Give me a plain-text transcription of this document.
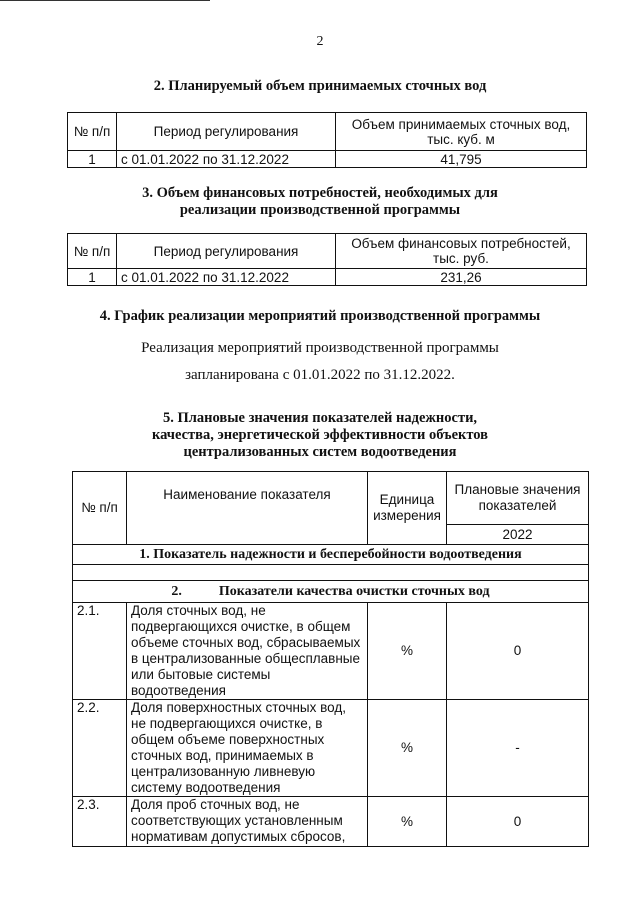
2
2. Планируемый объем принимаемых сточных вод
№ п/п	Период регулирования	Объем принимаемых сточных вод, тыс. куб. м
1	с 01.01.2022 по 31.12.2022	41,795
3. Объем финансовых потребностей, необходимых для
реализации производственной программы
№ п/п	Период регулирования	Объем финансовых потребностей, тыс. руб.
1	с 01.01.2022 по 31.12.2022	231,26
4. График реализации мероприятий производственной программы
Реализация мероприятий производственной программы
запланирована с 01.01.2022 по 31.12.2022.
5. Плановые значения показателей надежности,
качества, энергетической эффективности объектов
централизованных систем водоотведения
№ п/п	Наименование показателя	Единица измерения	Плановые значения показателей
			2022
1. Показатель надежности и бесперебойности водоотведения			

2. Показатели качества очистки сточных вод			
2.1.	Доля сточных вод, не подвергающихся очистке, в общем объеме сточных вод, сбрасываемых в централизованные общесплавные или бытовые системы водоотведения	%	0
2.2.	Доля поверхностных сточных вод, не подвергающихся очистке, в общем объеме поверхностных сточных вод, принимаемых в централизованную ливневую систему водоотведения	%	-
2.3.	Доля проб сточных вод, не соответствующих установленным нормативам допустимых сбросов,	%	0
